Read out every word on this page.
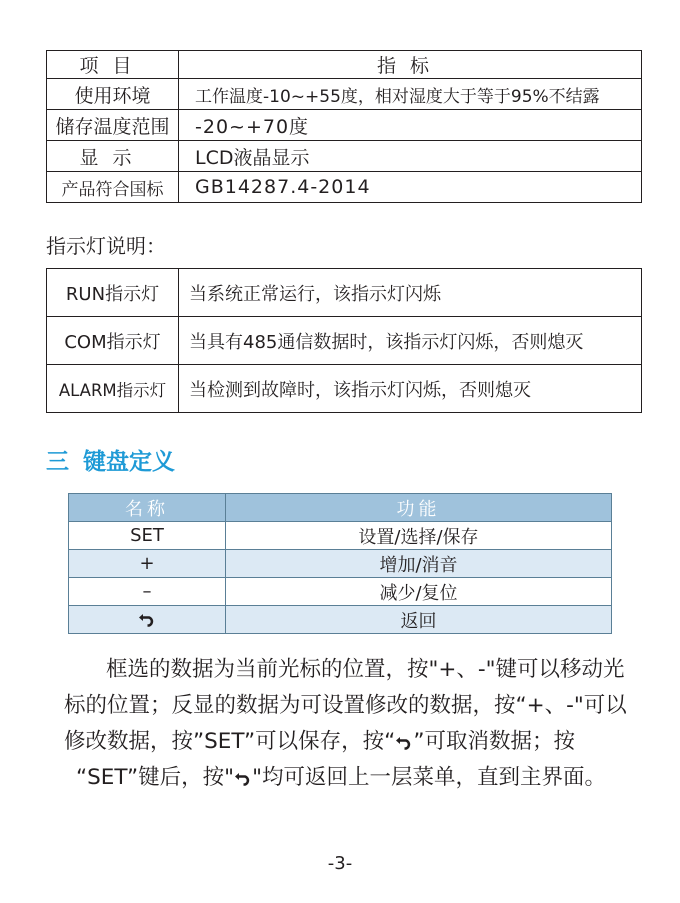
项目	指标
使用环境	工作温度-10~+55度，相对湿度大于等于95%不结露
储存温度范围	-20~+70度
显示	LCD液晶显示
产品符合国标	GB14287.4-2014
指示灯说明：
RUN指示灯	当系统正常运行，该指示灯闪烁
COM指示灯	当具有485通信数据时，该指示灯闪烁，否则熄灭
ALARM指示灯	当检测到故障时，该指示灯闪烁，否则熄灭
三 键盘定义
名称	功能
SET	设置/选择/保存
+	增加/消音
–	减少/复位
	返回

框选的数据为当前光标的位置，按"+、-"键可以移动光

标的位置；反显的数据为可设置修改的数据，按“+、-"可以

修改数据，按”SET”可以保存，按“ ”可取消数据；按

“SET”键后，按" "均可返回上一层菜单，直到主界面。

-3-
